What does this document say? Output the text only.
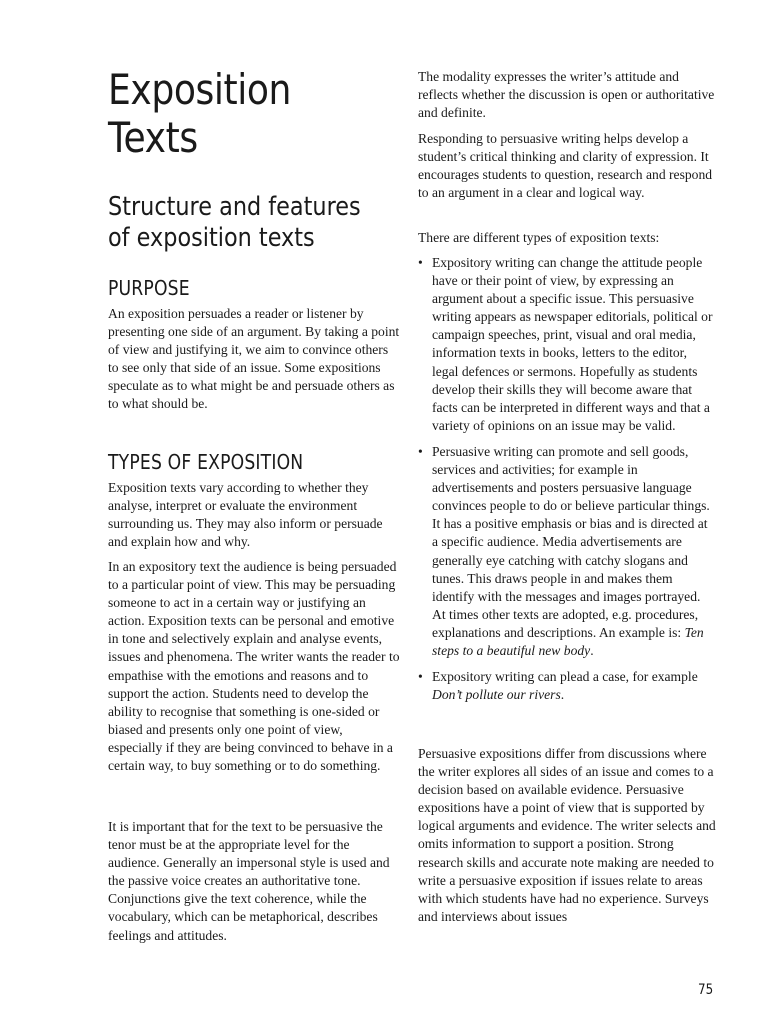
Exposition
Texts
Structure and features
of exposition texts
PURPOSE

An exposition persuades a reader or listener by presenting one side of an argument. By taking a point of view and justifying it, we aim to convince others to see only that side of an issue. Some expositions speculate as to what might be and persuade others as to what should be.

TYPES OF EXPOSITION

Exposition texts vary according to whether they analyse, interpret or evaluate the environment surrounding us. They may also inform or persuade and explain how and why.

In an expository text the audience is being persuaded to a particular point of view. This may be persuading someone to act in a certain way or justifying an action. Exposition texts can be personal and emotive in tone and selectively explain and analyse events, issues and phenomena. The writer wants the reader to empathise with the emotions and reasons and to support the action. Students need to develop the ability to recognise that something is one-sided or biased and presents only one point of view, especially if they are being convinced to behave in a certain way, to buy something or to do something.

It is important that for the text to be persuasive the tenor must be at the appropriate level for the audience. Generally an impersonal style is used and the passive voice creates an authoritative tone. Conjunctions give the text coherence, while the vocabulary, which can be metaphorical, describes feelings and attitudes.

The modality expresses the writer’s attitude and reflects whether the discussion is open or authoritative and definite.

Responding to persuasive writing helps develop a student’s critical thinking and clarity of expression. It encourages students to question, research and respond to an argument in a clear and logical way.

There are different types of exposition texts:

• Expository writing can change the attitude people have or their point of view, by expressing an argument about a specific issue. This persuasive writing appears as newspaper editorials, political or campaign speeches, print, visual and oral media, information texts in books, letters to the editor, legal defences or sermons. Hopefully as students develop their skills they will become aware that facts can be interpreted in different ways and that a variety of opinions on an issue may be valid.
• Persuasive writing can promote and sell goods, services and activities; for example in advertisements and posters persuasive language convinces people to do or believe particular things. It has a positive emphasis or bias and is directed at a specific audience. Media advertisements are generally eye catching with catchy slogans and tunes. This draws people in and makes them identify with the messages and images portrayed. At times other texts are adopted, e.g. procedures, explanations and descriptions. An example is: Ten steps to a beautiful new body.
• Expository writing can plead a case, for example Don’t pollute our rivers.

Persuasive expositions differ from discussions where the writer explores all sides of an issue and comes to a decision based on available evidence. Persuasive expositions have a point of view that is supported by logical arguments and evidence. The writer selects and omits information to support a position. Strong research skills and accurate note making are needed to write a persuasive exposition if issues relate to areas with which students have had no experience. Surveys and interviews about issues

75
